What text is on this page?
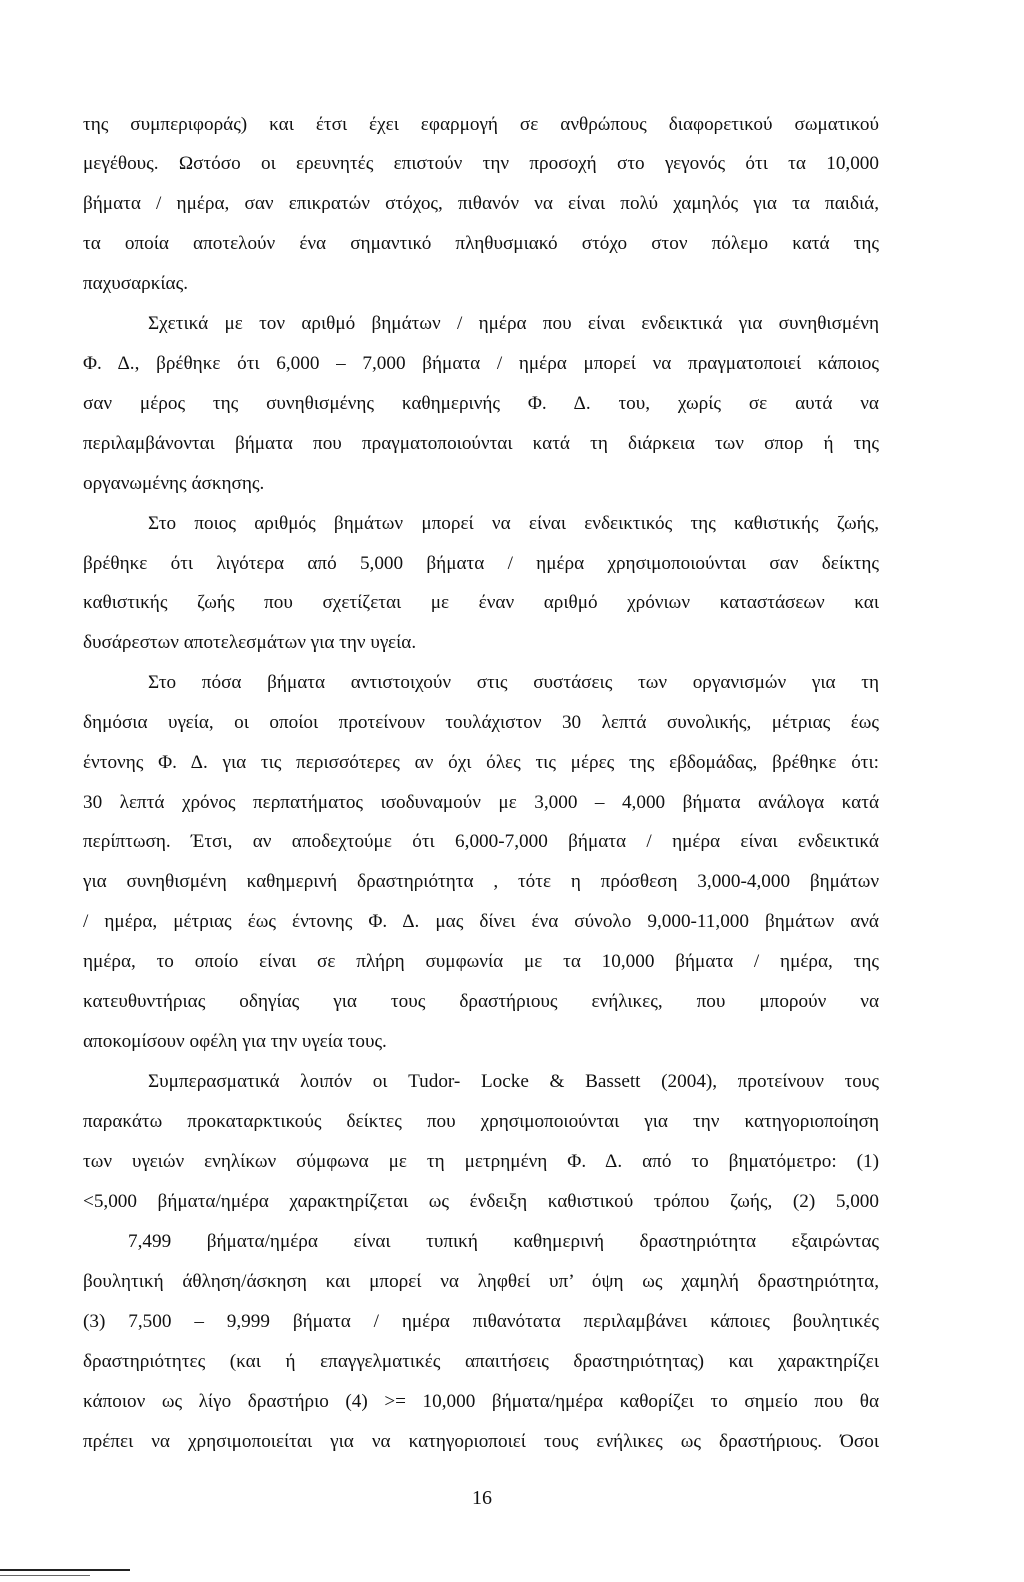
της συμπεριφοράς) και έτσι έχει εφαρμογή σε ανθρώπους διαφορετικού σωματικού
μεγέθους. Ωστόσο οι ερευνητές επιστούν την προσοχή στο γεγονός ότι τα 10,000
βήματα / ημέρα, σαν επικρατών στόχος, πιθανόν να είναι πολύ χαμηλός για τα παιδιά,
τα οποία αποτελούν ένα σημαντικό πληθυσμιακό στόχο στον πόλεμο κατά της
παχυσαρκίας.
Σχετικά με τον αριθμό βημάτων / ημέρα που είναι ενδεικτικά για συνηθισμένη
Φ. Δ., βρέθηκε ότι 6,000 – 7,000 βήματα / ημέρα μπορεί να πραγματοποιεί κάποιος
σαν μέρος της συνηθισμένης καθημερινής Φ. Δ. του, χωρίς σε αυτά να
περιλαμβάνονται βήματα που πραγματοποιούνται κατά τη διάρκεια των σπορ ή της
οργανωμένης άσκησης.
Στο ποιος αριθμός βημάτων μπορεί να είναι ενδεικτικός της καθιστικής ζωής,
βρέθηκε ότι λιγότερα από 5,000 βήματα / ημέρα χρησιμοποιούνται σαν δείκτης
καθιστικής ζωής που σχετίζεται με έναν αριθμό χρόνιων καταστάσεων και
δυσάρεστων αποτελεσμάτων για την υγεία.
Στο πόσα βήματα αντιστοιχούν στις συστάσεις των οργανισμών για τη
δημόσια υγεία, οι οποίοι προτείνουν τουλάχιστον 30 λεπτά συνολικής, μέτριας έως
έντονης Φ. Δ. για τις περισσότερες αν όχι όλες τις μέρες της εβδομάδας, βρέθηκε ότι:
30 λεπτά χρόνος περπατήματος ισοδυναμούν με 3,000 – 4,000 βήματα ανάλογα κατά
περίπτωση. Έτσι, αν αποδεχτούμε ότι 6,000-7,000 βήματα / ημέρα είναι ενδεικτικά
για συνηθισμένη καθημερινή δραστηριότητα , τότε η πρόσθεση 3,000-4,000 βημάτων
/ ημέρα, μέτριας έως έντονης Φ. Δ. μας δίνει ένα σύνολο 9,000-11,000 βημάτων ανά
ημέρα, το οποίο είναι σε πλήρη συμφωνία με τα 10,000 βήματα / ημέρα, της
κατευθυντήριας οδηγίας για τους δραστήριους ενήλικες, που μπορούν να
αποκομίσουν οφέλη για την υγεία τους.
Συμπερασματικά λοιπόν οι Tudor- Locke & Bassett (2004), προτείνουν τους
παρακάτω προκαταρκτικούς δείκτες που χρησιμοποιούνται για την κατηγοριοποίηση
των υγειών ενηλίκων σύμφωνα με τη μετρημένη Φ. Δ. από το βηματόμετρο: (1)
<5,000 βήματα/ημέρα χαρακτηρίζεται ως ένδειξη καθιστικού τρόπου ζωής, (2) 5,000
7,499 βήματα/ημέρα είναι τυπική καθημερινή δραστηριότητα εξαιρώντας
βουλητική άθληση/άσκηση και μπορεί να ληφθεί υπ’ όψη ως χαμηλή δραστηριότητα,
(3) 7,500 – 9,999 βήματα / ημέρα πιθανότατα περιλαμβάνει κάποιες βουλητικές
δραστηριότητες (και ή επαγγελματικές απαιτήσεις δραστηριότητας) και χαρακτηρίζει
κάποιον ως λίγο δραστήριο (4) >= 10,000 βήματα/ημέρα καθορίζει το σημείο που θα
πρέπει να χρησιμοποιείται για να κατηγοριοποιεί τους ενήλικες ως δραστήριους. Όσοι
16
